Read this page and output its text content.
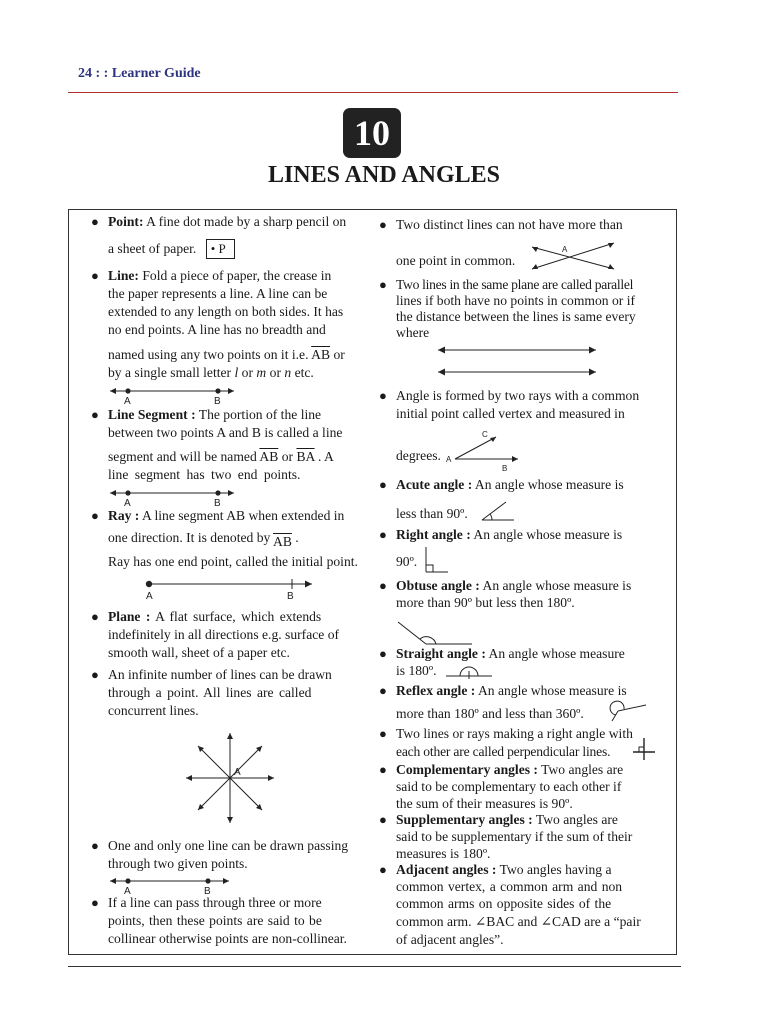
24 : : Learner Guide
10
LINES AND ANGLES
● Point: A fine dot made by a sharp pencil on
a sheet of paper. • P
● Line: Fold a piece of paper, the crease in
the paper represents a line. A line can be
extended to any length on both sides. It has
no end points. A line has no breadth and
named using any two points on it i.e. $\overline{AB}$ or
by a single small letter l or m or n etc.
A	B
● Line Segment : The portion of the line
between two points A and B is called a line
segment and will be named $\overline{AB}$ or $\overline{BA}$ . A
line segment has two end points.
A	B
● Ray : A line segment AB when extended in
one direction. It is denoted by $\overline{AB}$ .
Ray has one end point, called the initial point.
A	B
● Plane : A flat surface, which extends
indefinitely in all directions e.g. surface of
smooth wall, sheet of a paper etc.
● An infinite number of lines can be drawn
through a point. All lines are called
concurrent lines.
A
● One and only one line can be drawn passing
through two given points.
A	B
● If a line can pass through three or more
points, then these points are said to be
collinear otherwise points are non-collinear.
● Two distinct lines can not have more than
one point in common.
A
● Two lines in the same plane are called parallel
lines if both have no points in common or if
the distance between the lines is same every
where
● Angle is formed by two rays with a common
initial point called vertex and measured in
degrees. A
C
B
● Acute angle : An angle whose measure is
less than 90º.
● Right angle : An angle whose measure is
90º.
● Obtuse angle : An angle whose measure is
more than 90º but less then 180º.
● Straight angle : An angle whose measure
is 180º.
● Reflex angle : An angle whose measure is
more than 180º and less than 360º.
● Two lines or rays making a right angle with
each other are called perpendicular lines.
● Complementary angles : Two angles are
said to be complementary to each other if
the sum of their measures is 90º.
● Supplementary angles : Two angles are
said to be supplementary if the sum of their
measures is 180º.
● Adjacent angles : Two angles having a
common vertex, a common arm and non
common arms on opposite sides of the
common arm. ∠BAC and ∠CAD are a “pair
of adjacent angles”.
